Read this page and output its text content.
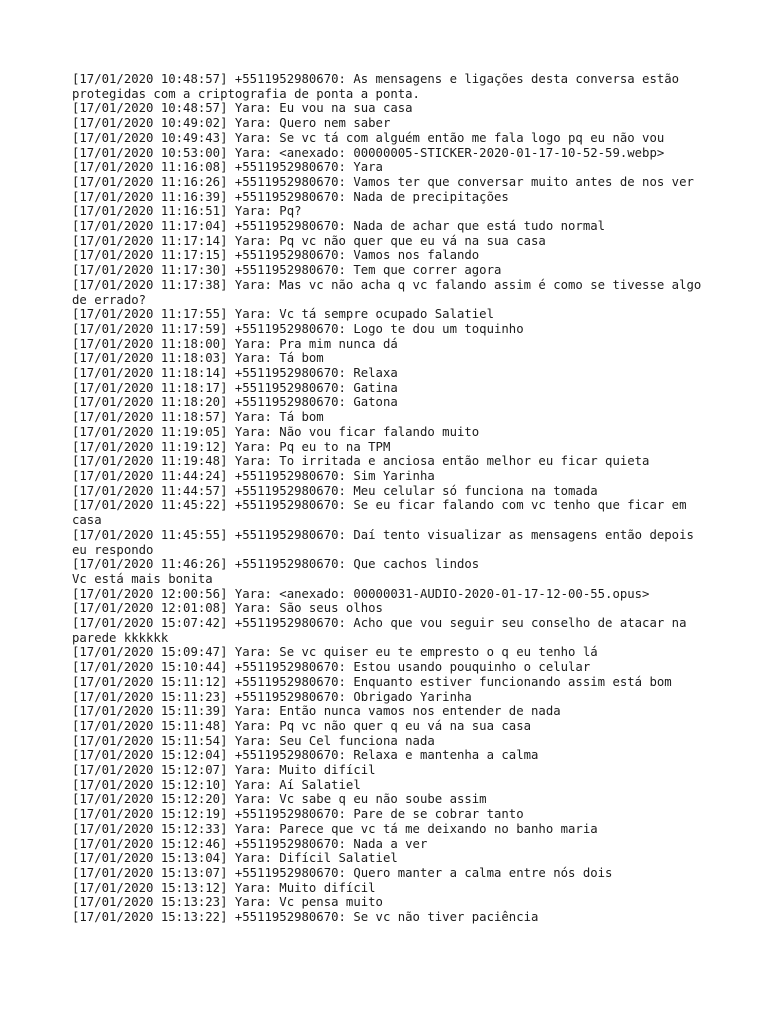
[17/01/2020 10:48:57] +5511952980670: As mensagens e ligações desta conversa estão protegidas com a criptografia de ponta a ponta.

[17/01/2020 10:48:57] Yara: Eu vou na sua casa

[17/01/2020 10:49:02] Yara: Quero nem saber

[17/01/2020 10:49:43] Yara: Se vc tá com alguém então me fala logo pq eu não vou

[17/01/2020 10:53:00] Yara: <anexado: 00000005-STICKER-2020-01-17-10-52-59.webp>

[17/01/2020 11:16:08] +5511952980670: Yara

[17/01/2020 11:16:26] +5511952980670: Vamos ter que conversar muito antes de nos ver

[17/01/2020 11:16:39] +5511952980670: Nada de precipitações

[17/01/2020 11:16:51] Yara: Pq?

[17/01/2020 11:17:04] +5511952980670: Nada de achar que está tudo normal

[17/01/2020 11:17:14] Yara: Pq vc não quer que eu vá na sua casa

[17/01/2020 11:17:15] +5511952980670: Vamos nos falando

[17/01/2020 11:17:30] +5511952980670: Tem que correr agora

[17/01/2020 11:17:38] Yara: Mas vc não acha q vc falando assim é como se tivesse algo de errado?

[17/01/2020 11:17:55] Yara: Vc tá sempre ocupado Salatiel

[17/01/2020 11:17:59] +5511952980670: Logo te dou um toquinho

[17/01/2020 11:18:00] Yara: Pra mim nunca dá

[17/01/2020 11:18:03] Yara: Tá bom

[17/01/2020 11:18:14] +5511952980670: Relaxa

[17/01/2020 11:18:17] +5511952980670: Gatina

[17/01/2020 11:18:20] +5511952980670: Gatona

[17/01/2020 11:18:57] Yara: Tá bom

[17/01/2020 11:19:05] Yara: Não vou ficar falando muito

[17/01/2020 11:19:12] Yara: Pq eu to na TPM

[17/01/2020 11:19:48] Yara: To irritada e anciosa então melhor eu ficar quieta

[17/01/2020 11:44:24] +5511952980670: Sim Yarinha

[17/01/2020 11:44:57] +5511952980670: Meu celular só funciona na tomada

[17/01/2020 11:45:22] +5511952980670: Se eu ficar falando com vc tenho que ficar em casa

[17/01/2020 11:45:55] +5511952980670: Daí tento visualizar as mensagens então depois eu respondo

[17/01/2020 11:46:26] +5511952980670: Que cachos lindos
Vc está mais bonita

[17/01/2020 12:00:56] Yara: <anexado: 00000031-AUDIO-2020-01-17-12-00-55.opus>

[17/01/2020 12:01:08] Yara: São seus olhos

[17/01/2020 15:07:42] +5511952980670: Acho que vou seguir seu conselho de atacar na parede kkkkkk

[17/01/2020 15:09:47] Yara: Se vc quiser eu te empresto o q eu tenho lá

[17/01/2020 15:10:44] +5511952980670: Estou usando pouquinho o celular

[17/01/2020 15:11:12] +5511952980670: Enquanto estiver funcionando assim está bom

[17/01/2020 15:11:23] +5511952980670: Obrigado Yarinha

[17/01/2020 15:11:39] Yara: Então nunca vamos nos entender de nada

[17/01/2020 15:11:48] Yara: Pq vc não quer q eu vá na sua casa

[17/01/2020 15:11:54] Yara: Seu Cel funciona nada

[17/01/2020 15:12:04] +5511952980670: Relaxa e mantenha a calma

[17/01/2020 15:12:07] Yara: Muito difícil

[17/01/2020 15:12:10] Yara: Aí Salatiel

[17/01/2020 15:12:20] Yara: Vc sabe q eu não soube assim

[17/01/2020 15:12:19] +5511952980670: Pare de se cobrar tanto

[17/01/2020 15:12:33] Yara: Parece que vc tá me deixando no banho maria

[17/01/2020 15:12:46] +5511952980670: Nada a ver

[17/01/2020 15:13:04] Yara: Difícil Salatiel

[17/01/2020 15:13:07] +5511952980670: Quero manter a calma entre nós dois

[17/01/2020 15:13:12] Yara: Muito difícil

[17/01/2020 15:13:23] Yara: Vc pensa muito

[17/01/2020 15:13:22] +5511952980670: Se vc não tiver paciência
